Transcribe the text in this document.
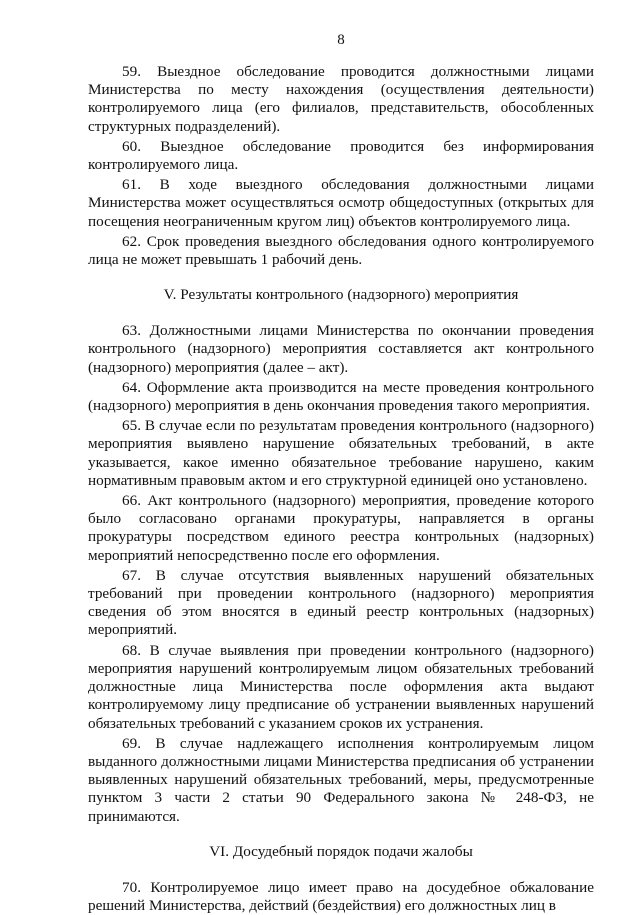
8

59. Выездное обследование проводится должностными лицами Министерства по месту нахождения (осуществления деятельности) контролируемого лица (его филиалов, представительств, обособленных структурных подразделений).

60. Выездное обследование проводится без информирования контролируемого лица.

61. В ходе выездного обследования должностными лицами Министерства может осуществляться осмотр общедоступных (открытых для посещения неограниченным кругом лиц) объектов контролируемого лица.

62. Срок проведения выездного обследования одного контролируемого лица не может превышать 1 рабочий день.

V. Результаты контрольного (надзорного) мероприятия

63. Должностными лицами Министерства по окончании проведения контрольного (надзорного) мероприятия составляется акт контрольного (надзорного) мероприятия (далее – акт).

64. Оформление акта производится на месте проведения контрольного (надзорного) мероприятия в день окончания проведения такого мероприятия.

65. В случае если по результатам проведения контрольного (надзорного) мероприятия выявлено нарушение обязательных требований, в акте указывается, какое именно обязательное требование нарушено, каким нормативным правовым актом и его структурной единицей оно установлено.

66. Акт контрольного (надзорного) мероприятия, проведение которого было согласовано органами прокуратуры, направляется в органы прокуратуры посредством единого реестра контрольных (надзорных) мероприятий непосредственно после его оформления.

67. В случае отсутствия выявленных нарушений обязательных требований при проведении контрольного (надзорного) мероприятия сведения об этом вносятся в единый реестр контрольных (надзорных) мероприятий.

68. В случае выявления при проведении контрольного (надзорного) мероприятия нарушений контролируемым лицом обязательных требований должностные лица Министерства после оформления акта выдают контролируемому лицу предписание об устранении выявленных нарушений обязательных требований с указанием сроков их устранения.

69. В случае надлежащего исполнения контролируемым лицом выданного должностными лицами Министерства предписания об устранении выявленных нарушений обязательных требований, меры, предусмотренные пунктом 3 части 2 статьи 90 Федерального закона № 248-ФЗ, не принимаются.

VI. Досудебный порядок подачи жалобы

70. Контролируемое лицо имеет право на досудебное обжалование решений Министерства, действий (бездействия) его должностных лиц в
